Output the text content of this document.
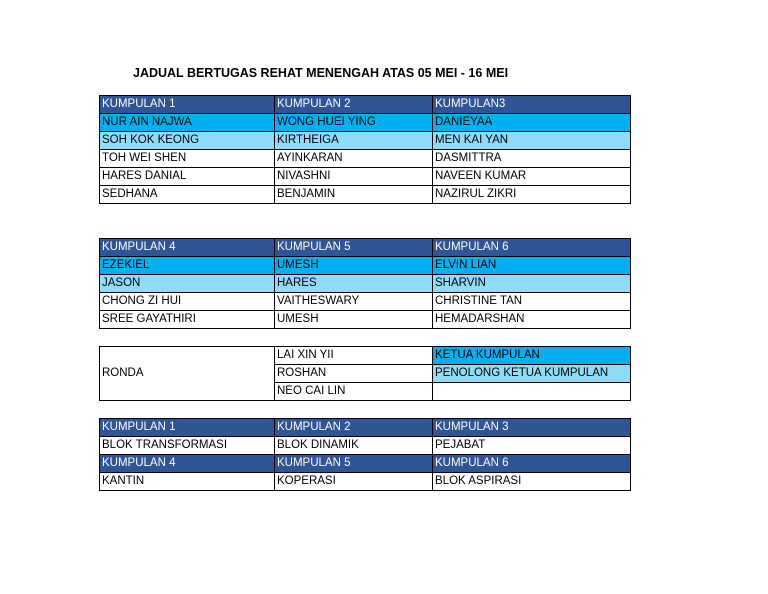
JADUAL BERTUGAS REHAT MENENGAH ATAS 05 MEI - 16 MEI
KUMPULAN 1	KUMPULAN 2	KUMPULAN3
NUR AIN NAJWA	WONG HUEI YING	DANIEYAA
SOH KOK KEONG	KIRTHEIGA	MEN KAI YAN
TOH WEI SHEN	AYINKARAN	DASMITTRA
HARES DANIAL	NIVASHNI	NAVEEN KUMAR
SEDHANA	BENJAMIN	NAZIRUL ZIKRI
KUMPULAN 4	KUMPULAN 5	KUMPULAN 6
EZEKIEL	UMESH	ELVIN LIAN
JASON	HARES	SHARVIN
CHONG ZI HUI	VAITHESWARY	CHRISTINE TAN
SREE GAYATHIRI	UMESH	HEMADARSHAN
RONDA	LAI XIN YII	KETUA KUMPULAN
	ROSHAN	PENOLONG KETUA KUMPULAN
	NEO CAI LIN	
KUMPULAN 1	KUMPULAN 2	KUMPULAN 3
BLOK TRANSFORMASI	BLOK DINAMIK	PEJABAT
KUMPULAN 4	KUMPULAN 5	KUMPULAN 6
KANTIN	KOPERASI	BLOK ASPIRASI
